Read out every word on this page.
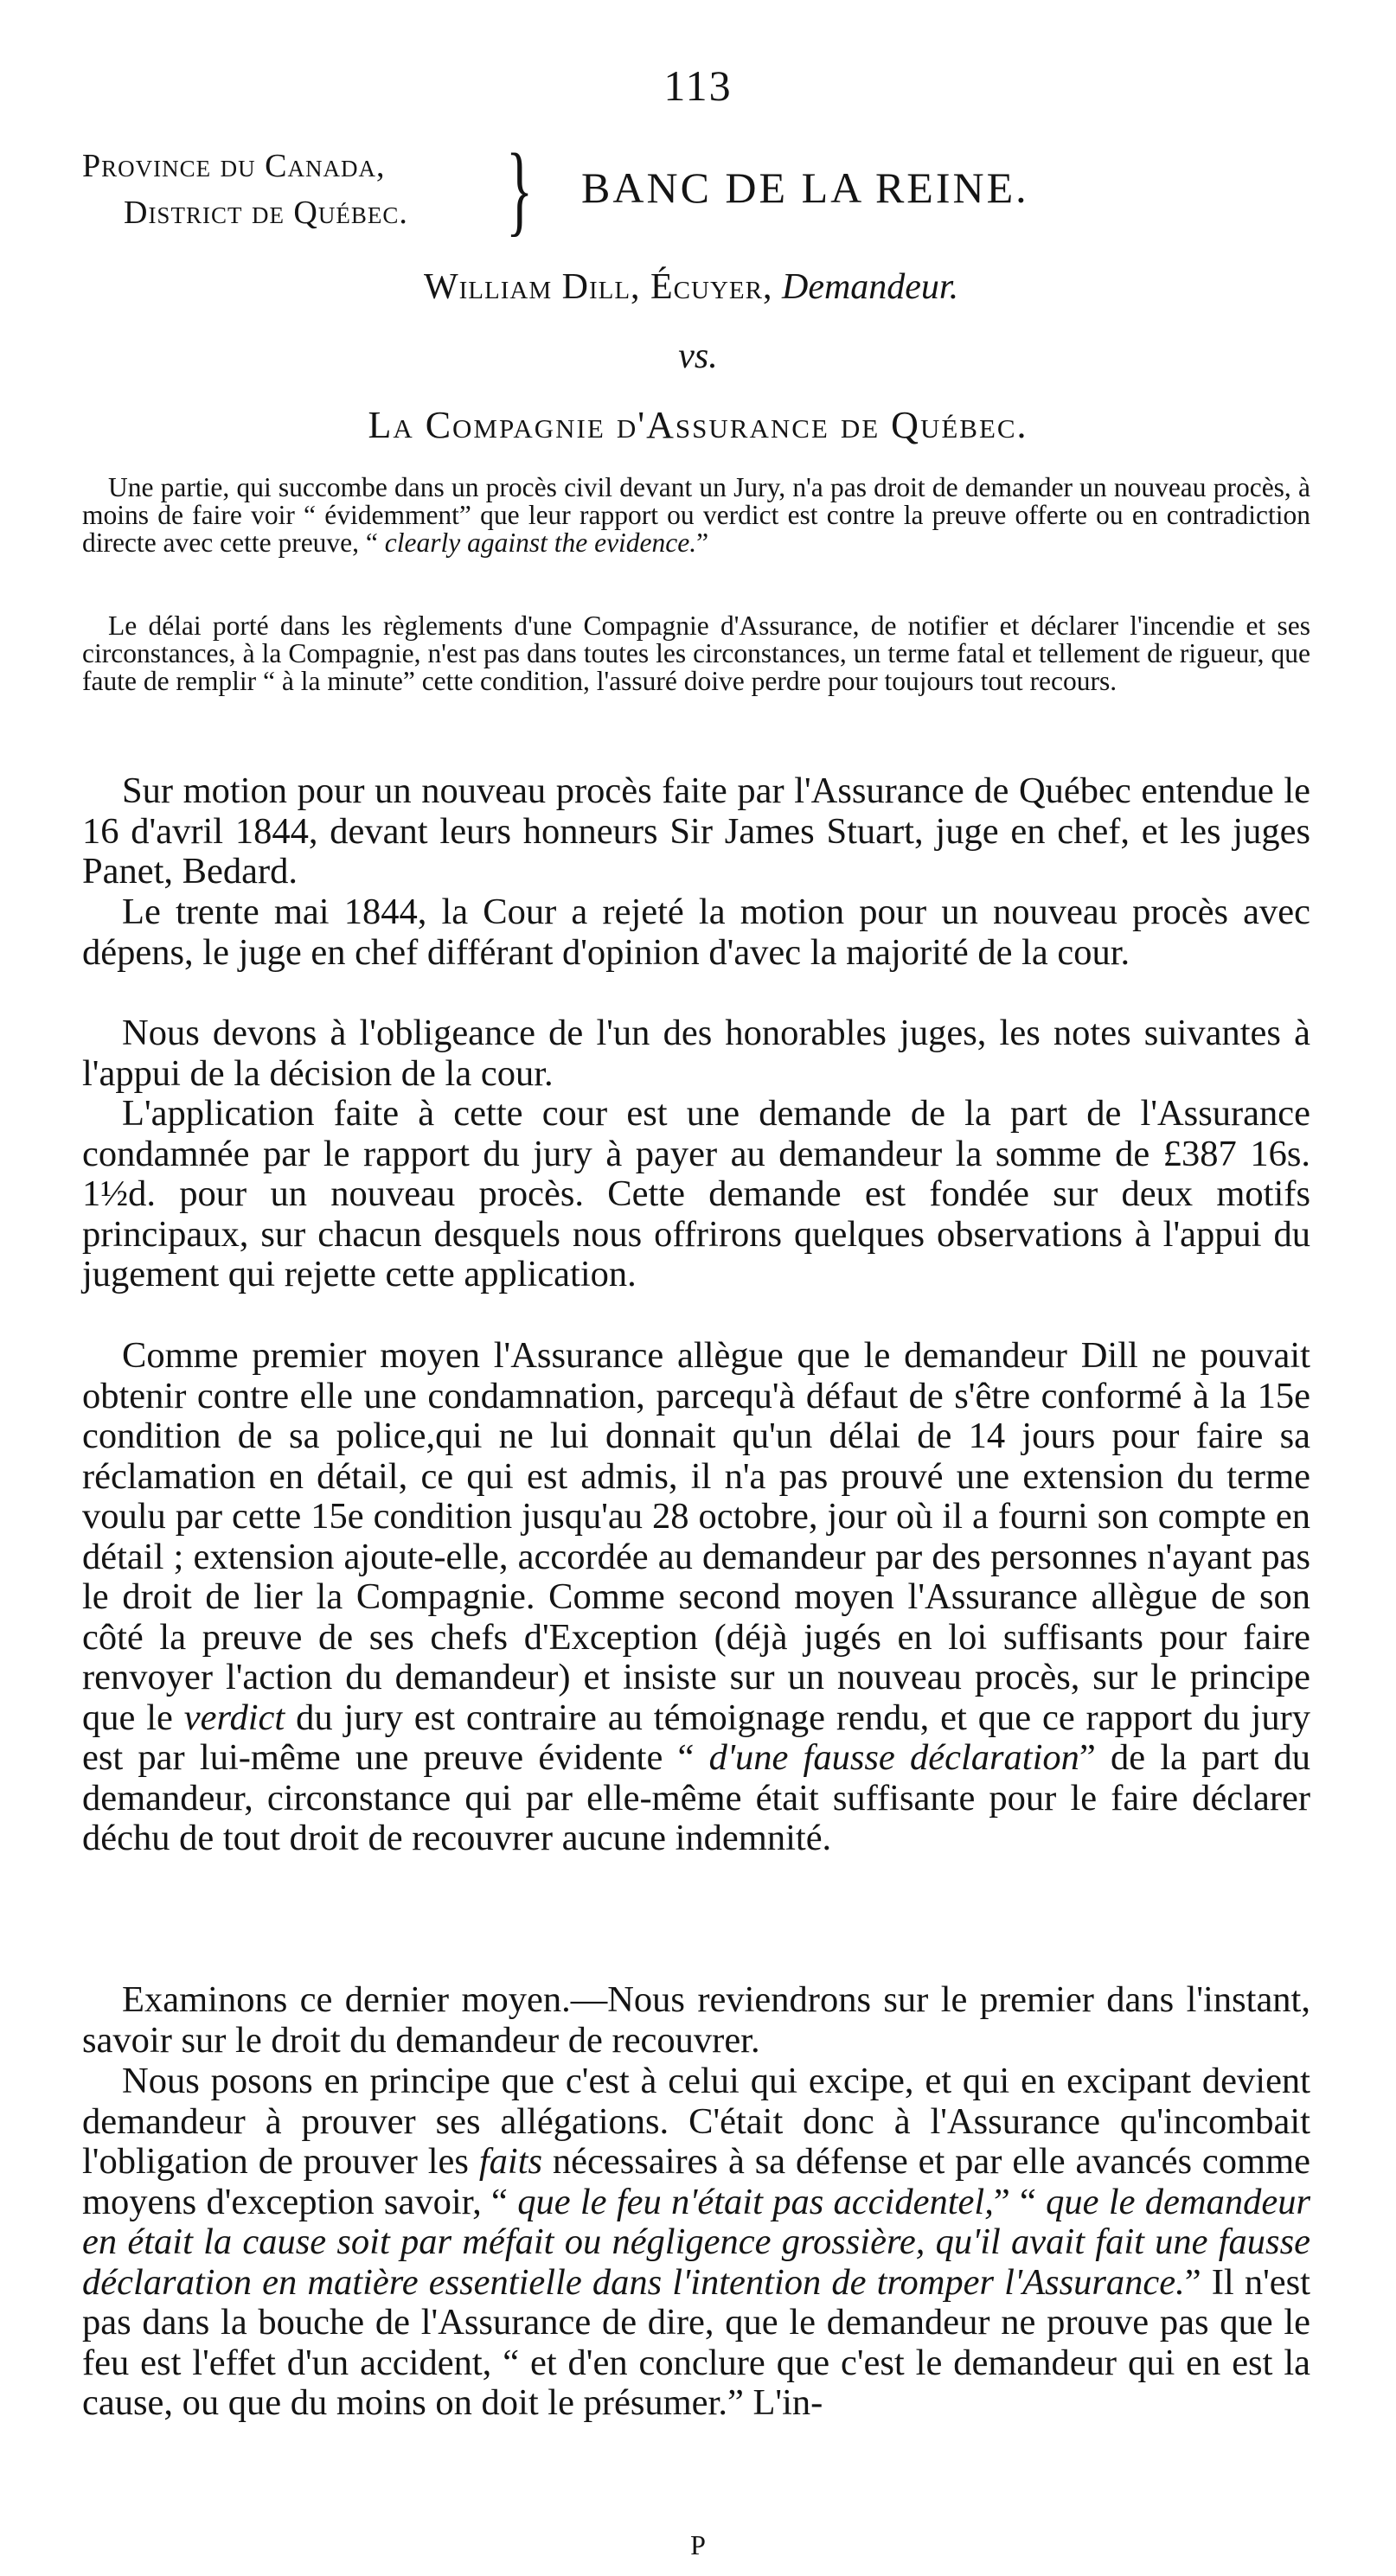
113
Province du Canada,
District de Québec. } BANC DE LA REINE.
William Dill, Écuyer, Demandeur.
vs.
La Compagnie d'Assurance de Québec.

Une partie, qui succombe dans un procès civil devant un Jury, n'a pas droit de demander un nouveau procès, à moins de faire voir “ évidemment” que leur rapport ou verdict est contre la preuve offerte ou en contradiction directe avec cette preuve, “ clearly against the evidence.”

Le délai porté dans les règlements d'une Compagnie d'Assurance, de notifier et déclarer l'incendie et ses circonstances, à la Compagnie, n'est pas dans toutes les circonstances, un terme fatal et tellement de rigueur, que faute de remplir “ à la minute” cette condition, l'assuré doive perdre pour toujours tout recours.

Sur motion pour un nouveau procès faite par l'Assurance de Québec entendue le 16 d'avril 1844, devant leurs honneurs Sir James Stuart, juge en chef, et les juges Panet, Bedard.

Le trente mai 1844, la Cour a rejeté la motion pour un nouveau procès avec dépens, le juge en chef différant d'opinion d'avec la majorité de la cour.

Nous devons à l'obligeance de l'un des honorables juges, les notes suivantes à l'appui de la décision de la cour.

L'application faite à cette cour est une demande de la part de l'Assurance condamnée par le rapport du jury à payer au demandeur la somme de £387 16s. 1½d. pour un nouveau procès. Cette demande est fondée sur deux motifs principaux, sur chacun desquels nous offrirons quelques observations à l'appui du jugement qui rejette cette application.

Comme premier moyen l'Assurance allègue que le demandeur Dill ne pouvait obtenir contre elle une condamnation, parcequ'à défaut de s'être conformé à la 15e condition de sa police,qui ne lui donnait qu'un délai de 14 jours pour faire sa réclamation en détail, ce qui est admis, il n'a pas prouvé une extension du terme voulu par cette 15e condition jusqu'au 28 octobre, jour où il a fourni son compte en détail ; extension ajoute-elle, accordée au demandeur par des personnes n'ayant pas le droit de lier la Compagnie. Comme second moyen l'Assurance allègue de son côté la preuve de ses chefs d'Exception (déjà jugés en loi suffisants pour faire renvoyer l'action du demandeur) et insiste sur un nouveau procès, sur le principe que le verdict du jury est contraire au témoignage rendu, et que ce rapport du jury est par lui-même une preuve évidente “ d'une fausse déclaration” de la part du demandeur, circonstance qui par elle-même était suffisante pour le faire déclarer déchu de tout droit de recouvrer aucune indemnité.

Examinons ce dernier moyen.—Nous reviendrons sur le premier dans l'instant, savoir sur le droit du demandeur de recouvrer.

Nous posons en principe que c'est à celui qui excipe, et qui en excipant devient demandeur à prouver ses allégations. C'était donc à l'Assurance qu'incombait l'obligation de prouver les faits nécessaires à sa défense et par elle avancés comme moyens d'exception savoir, “ que le feu n'était pas accidentel,” “ que le demandeur en était la cause soit par méfait ou négligence grossière, qu'il avait fait une fausse déclaration en matière essentielle dans l'intention de tromper l'Assurance.” Il n'est pas dans la bouche de l'Assurance de dire, que le demandeur ne prouve pas que le feu est l'effet d'un accident, “ et d'en conclure que c'est le demandeur qui en est la cause, ou que du moins on doit le présumer.” L'in-

P
